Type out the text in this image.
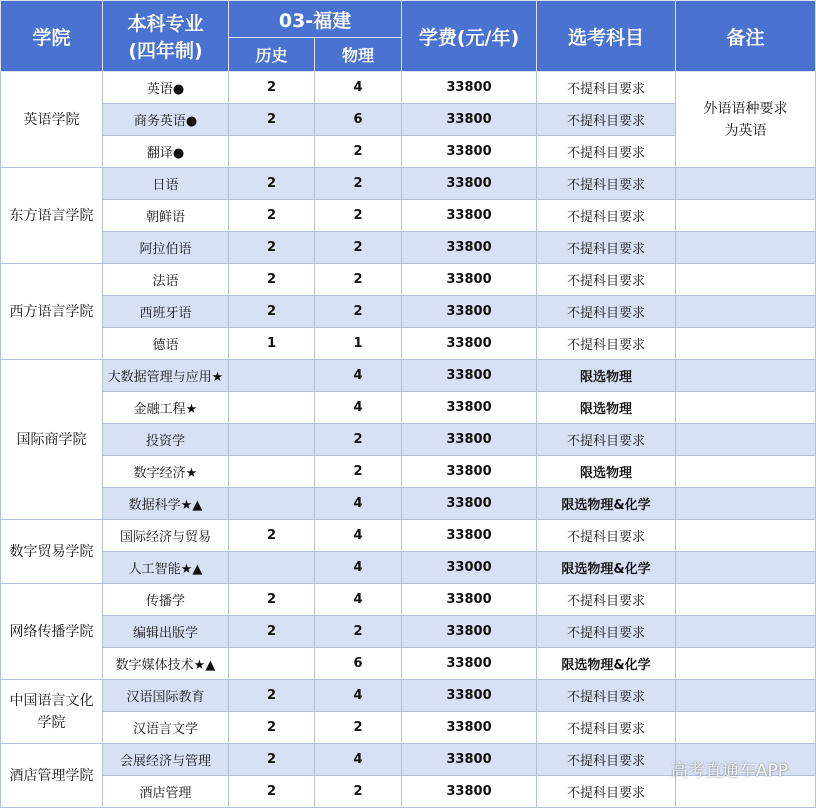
学院	本科专业
(四年制)	03-福建		学费(元/年)	选考科目	备注
		历史	物理			
英语学院	英语●	2	4	33800	不提科目要求	外语语种要求为英语
	商务英语●	2	6	33800	不提科目要求	
	翻译●		2	33800	不提科目要求	
东方语言学院	日语	2	2	33800	不提科目要求	
	朝鲜语	2	2	33800	不提科目要求	
	阿拉伯语	2	2	33800	不提科目要求	
西方语言学院	法语	2	2	33800	不提科目要求	
	西班牙语	2	2	33800	不提科目要求	
	德语	1	1	33800	不提科目要求	
国际商学院	大数据管理与应用★		4	33800	限选物理	
	金融工程★		4	33800	限选物理	
	投资学		2	33800	不提科目要求	
	数字经济★		2	33800	限选物理	
	数据科学★▲		4	33800	限选物理&化学	
数字贸易学院	国际经济与贸易	2	4	33800	不提科目要求	
	人工智能★▲		4	33000	限选物理&化学	
网络传播学院	传播学	2	4	33800	不提科目要求	
	编辑出版学	2	2	33800	不提科目要求	
	数字媒体技术★▲		6	33800	限选物理&化学	
中国语言文化学院	汉语国际教育	2	4	33800	不提科目要求	
	汉语言文学	2	2	33800	不提科目要求	
酒店管理学院	会展经济与管理	2	4	33800	不提科目要求	
	酒店管理	2	2	33800	不提科目要求	
高考直通车APP
